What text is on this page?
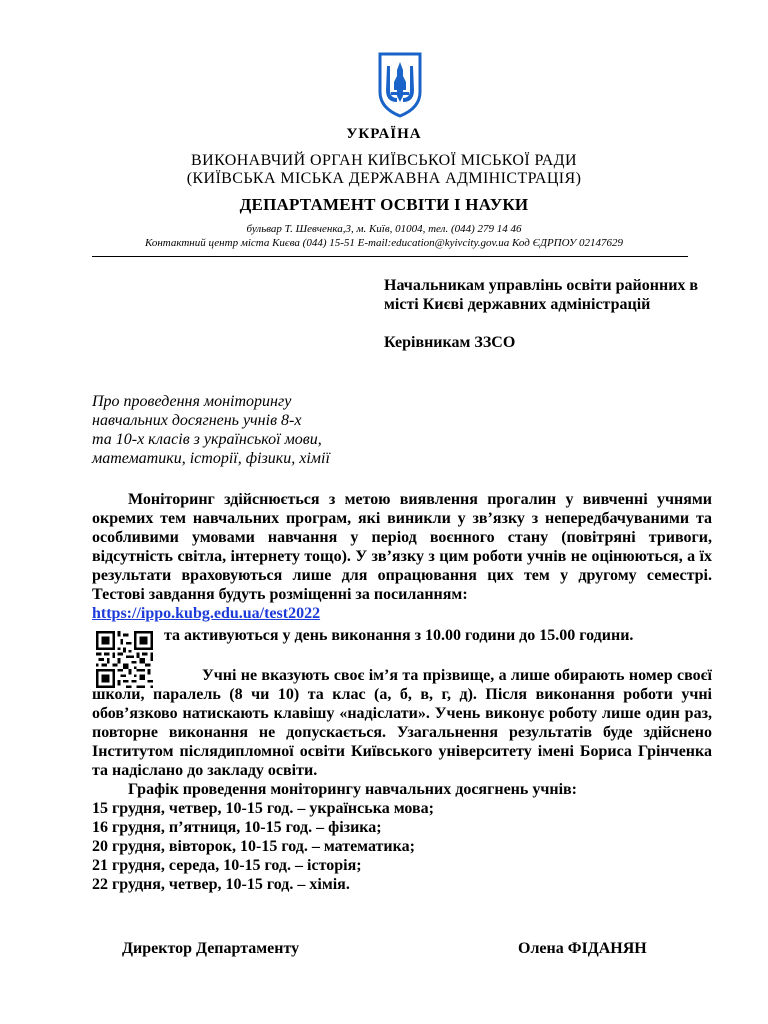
УКРАЇНА
ВИКОНАВЧИЙ ОРГАН КИЇВСЬКОЇ МІСЬКОЇ РАДИ
(КИЇВСЬКА МІСЬКА ДЕРЖАВНА АДМІНІСТРАЦІЯ)
ДЕПАРТАМЕНТ ОСВІТИ І НАУКИ
бульвар Т. Шевченка,3, м. Київ, 01004, тел. (044) 279 14 46
Контактний центр міста Києва (044) 15-51 E-mail:education@kyivcity.gov.ua Код ЄДРПОУ 02147629
Начальникам управлінь освіти районних в
місті Києві державних адміністрацій
Керівникам ЗЗСО
Про проведення моніторингу
навчальних досягнень учнів 8-х
та 10-х класів з української мови,
математики, історії, фізики, хімії
Моніторинг здійснюється з метою виявлення прогалин у вивченні учнями окремих тем навчальних програм, які виникли у зв’язку з непередбачуваними та особливими умовами навчання у період воєнного стану (повітряні тривоги, відсутність світла, інтернету тощо). У зв’язку з цим роботи учнів не оцінюються, а їх результати враховуються лише для опрацювання цих тем у другому семестрі. Тестові завдання будуть розміщенні за посиланням:
https://ippo.kubg.edu.ua/test2022
та активуються у день виконання з 10.00 години до 15.00 години.
Учні не вказують своє ім’я та прізвище, а лише обирають номер своєї школи, паралель (8 чи 10) та клас (а, б, в, г, д). Після виконання роботи учні обов’язково натискають клавішу «надіслати». Учень виконує роботу лише один раз, повторне виконання не допускається. Узагальнення результатів буде здійснено Інститутом післядипломної освіти Київського університету імені Бориса Грінченка та надіслано до закладу освіти.
Графік проведення моніторингу навчальних досягнень учнів:
15 грудня, четвер, 10-15 год. – українська мова;
16 грудня, п’ятниця, 10-15 год. – фізика;
20 грудня, вівторок, 10-15 год. – математика;
21 грудня, середа, 10-15 год. – історія;
22 грудня, четвер, 10-15 год. – хімія.
Директор Департаменту	Олена ФІДАНЯН
